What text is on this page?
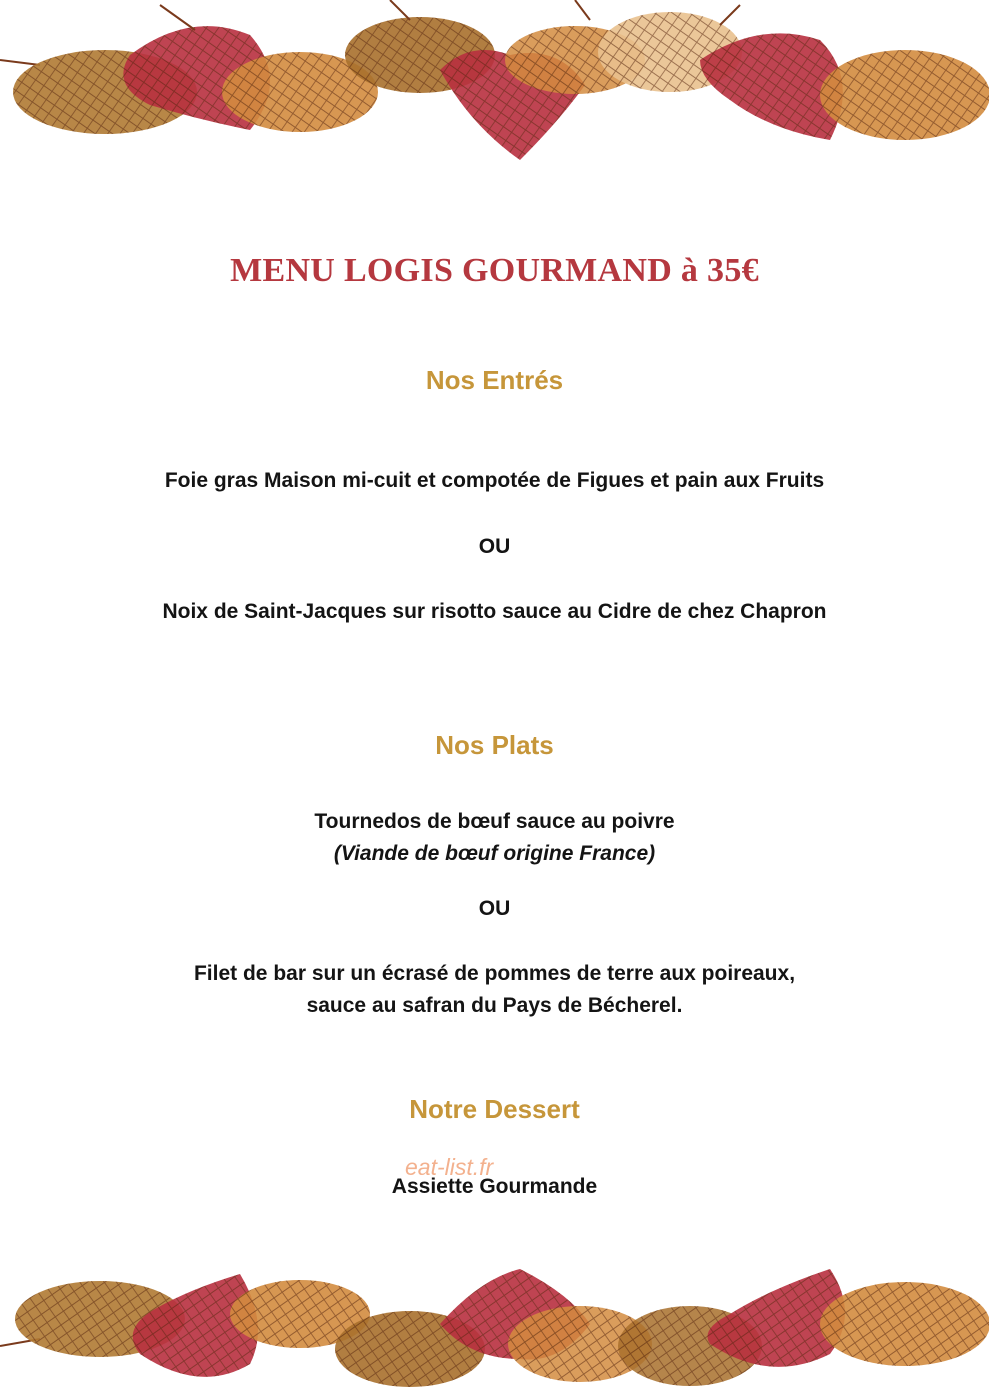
MENU LOGIS GOURMAND à 35€
Nos Entrés
Foie gras Maison mi-cuit et compotée de Figues et pain aux Fruits
OU
Noix de Saint-Jacques sur risotto sauce au Cidre de chez Chapron
Nos Plats
Tournedos de bœuf sauce au poivre
(Viande de bœuf origine France)
OU
Filet de bar sur un écrasé de pommes de terre aux poireaux,
sauce au safran du Pays de Bécherel.
Notre Dessert
Assiette Gourmande
eat-list.fr
